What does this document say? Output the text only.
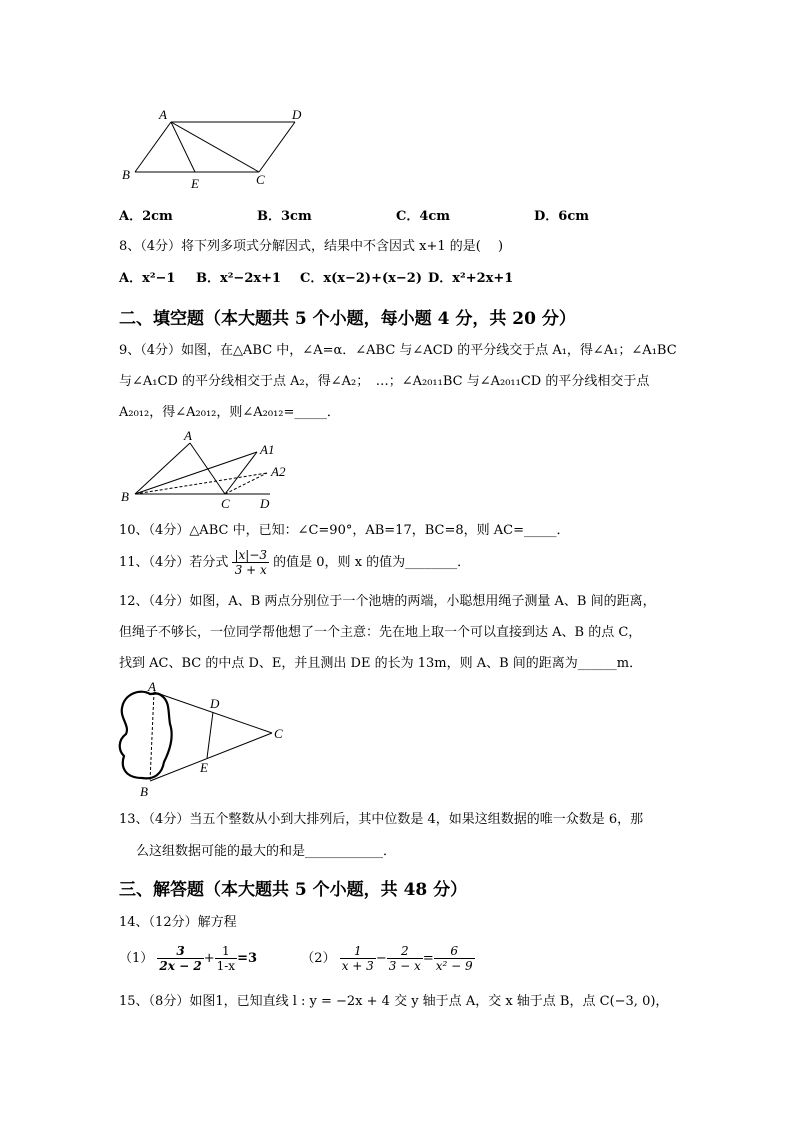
A	D
B
E	C
A．2cm	B．3cm	C．4cm	D．6cm
8、（4分）将下列多项式分解因式，结果中不含因式 x+1 的是(　 )
A．x²−1 B．x²−2x+1 C．x(x−2)+(x−2) D．x²+2x+1
二、填空题（本大题共 5 个小题，每小题 4 分，共 20 分）
9、（4分）如图，在△ABC 中，∠A=α．∠ABC 与∠ACD 的平分线交于点 A₁，得∠A₁；∠A₁BC
与∠A₁CD 的平分线相交于点 A₂，得∠A₂；　…；∠A₂₀₁₁BC 与∠A₂₀₁₁CD 的平分线相交于点
A₂₀₁₂，得∠A₂₀₁₂，则∠A₂₀₁₂=_____．
A
A1
A2
B	C D
10、（4分）△ABC 中，已知：∠C=90°，AB=17，BC=8，则 AC=_____．
11、（4分）若分式 $\frac{|x|-3}{3 + x}$ 的值是 0，则 x 的值为________．
12、（4分）如图，A、B 两点分别位于一个池塘的两端，小聪想用绳子测量 A、B 间的距离，
但绳子不够长，一位同学帮他想了一个主意：先在地上取一个可以直接到达 A、B 的点 C，
找到 AC、BC 的中点 D、E，并且测出 DE 的长为 13m，则 A、B 间的距离为______m．
A
D
C
E
B
13、（4分）当五个整数从小到大排列后，其中位数是 4，如果这组数据的唯一众数是 6，那
么这组数据可能的最大的和是____________．
三、解答题（本大题共 5 个小题，共 48 分）
14、（12分）解方程
$(1) \frac{3}{2x - 2} + \frac{1}{1-x} =3$	$(2) \frac{1}{x + 3} - \frac{2}{3 - x} = \frac{6}{\text{x² − 9}}$
15、（8分）如图1，已知直线 l : y = −2x + 4 交 y 轴于点 A，交 x 轴于点 B，点 C(−3, 0)，
